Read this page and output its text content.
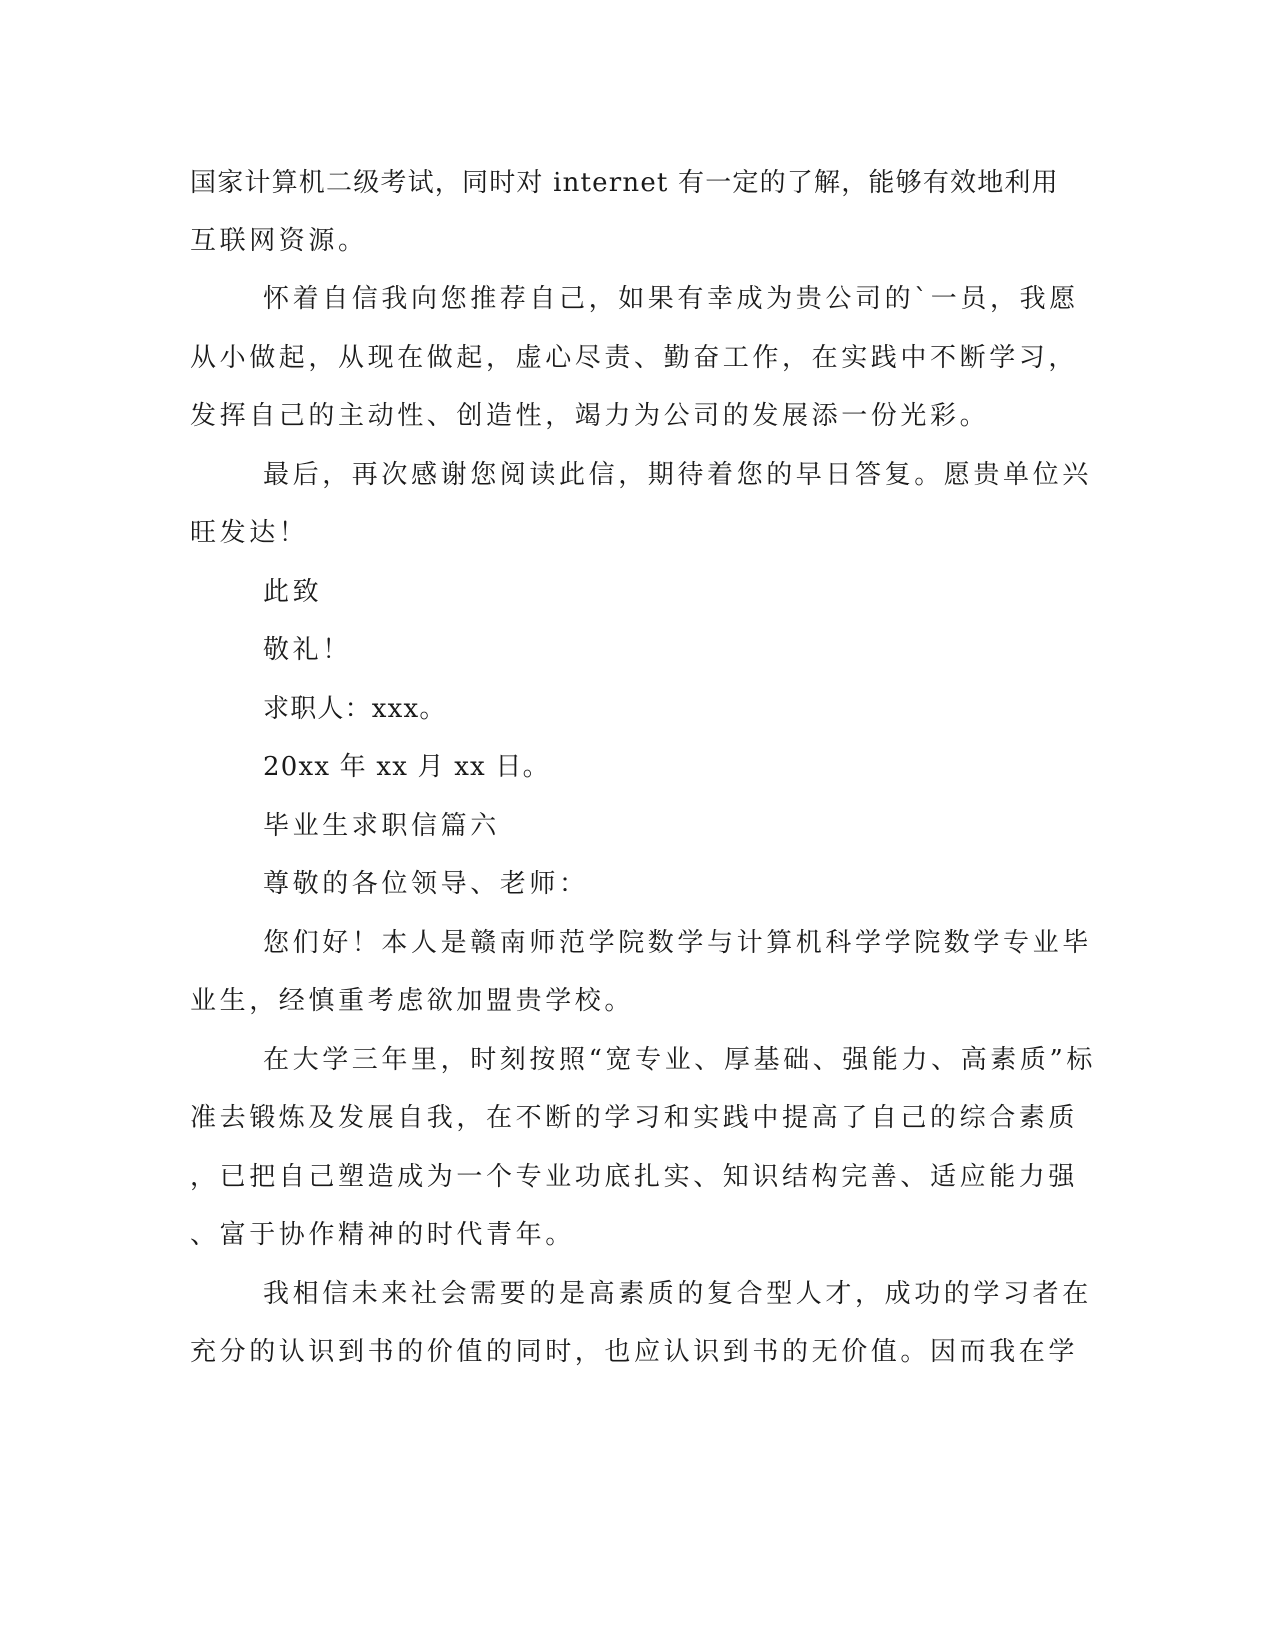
国家计算机二级考试，同时对 internet 有一定的了解，能够有效地利用
互联网资源。
怀着自信我向您推荐自己，如果有幸成为贵公司的`一员，我愿
从小做起，从现在做起，虚心尽责、勤奋工作，在实践中不断学习，
发挥自己的主动性、创造性，竭力为公司的发展添一份光彩。
最后，再次感谢您阅读此信，期待着您的早日答复。愿贵单位兴
旺发达！
此致
敬礼！
求职人：xxx。
20xx 年 xx 月 xx 日。
毕业生求职信篇六
尊敬的各位领导、老师：
您们好！本人是赣南师范学院数学与计算机科学学院数学专业毕
业生，经慎重考虑欲加盟贵学校。
在大学三年里，时刻按照“宽专业、厚基础、强能力、高素质”标
准去锻炼及发展自我，在不断的学习和实践中提高了自己的综合素质
，已把自己塑造成为一个专业功底扎实、知识结构完善、适应能力强
、富于协作精神的时代青年。
我相信未来社会需要的是高素质的复合型人才，成功的学习者在
充分的认识到书的价值的同时，也应认识到书的无价值。因而我在学
